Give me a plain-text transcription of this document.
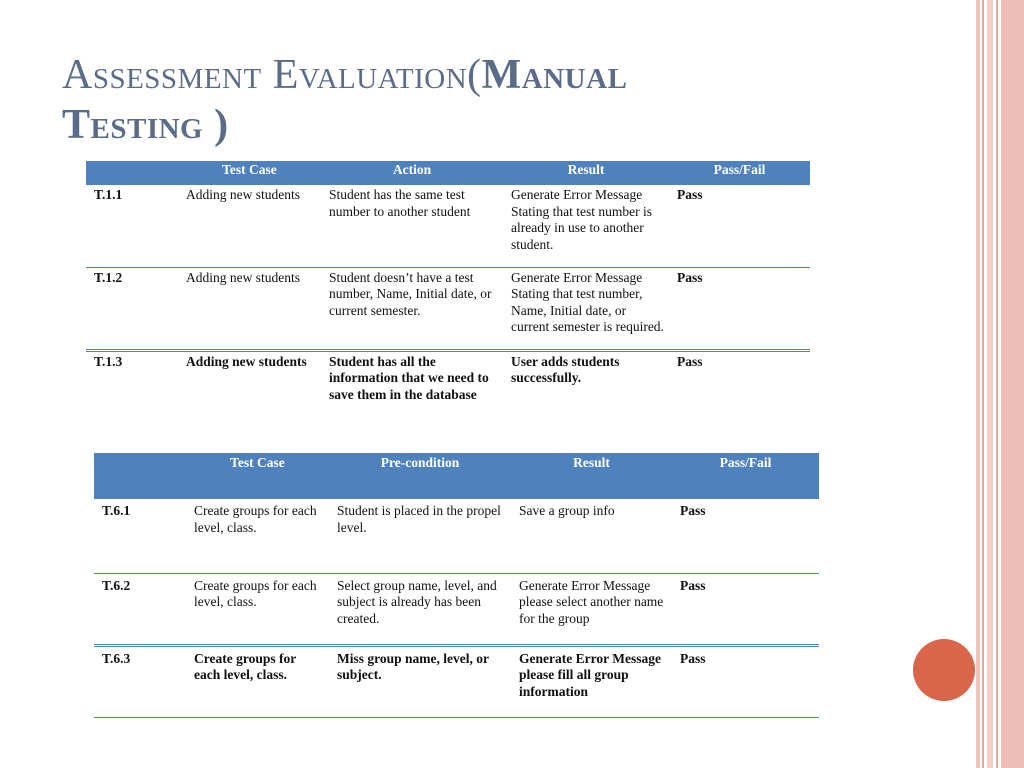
Assessment Evaluation(Manual
Testing )
	Test Case	Action	Result	Pass/Fail
T.1.1	Adding new students	Student has the same test number to another student	Generate Error Message Stating that test number is already in use to another student.	Pass
T.1.2	Adding new students	Student doesn’t have a test number, Name, Initial date, or current semester.	Generate Error Message Stating that test number, Name, Initial date, or current semester is required.	Pass
T.1.3	Adding new students	Student has all the information that we need to save them in the database	User adds students successfully.	Pass
	Test Case	Pre-condition	Result	Pass/Fail
T.6.1	Create groups for each level, class.	Student is placed in the propel level.	Save a group info	Pass
T.6.2	Create groups for each level, class.	Select group name, level, and subject is already has been created.	Generate Error Message please select another name for the group	Pass
T.6.3	Create groups for each level, class.	Miss group name, level, or subject.	Generate Error Message please fill all group information	Pass
